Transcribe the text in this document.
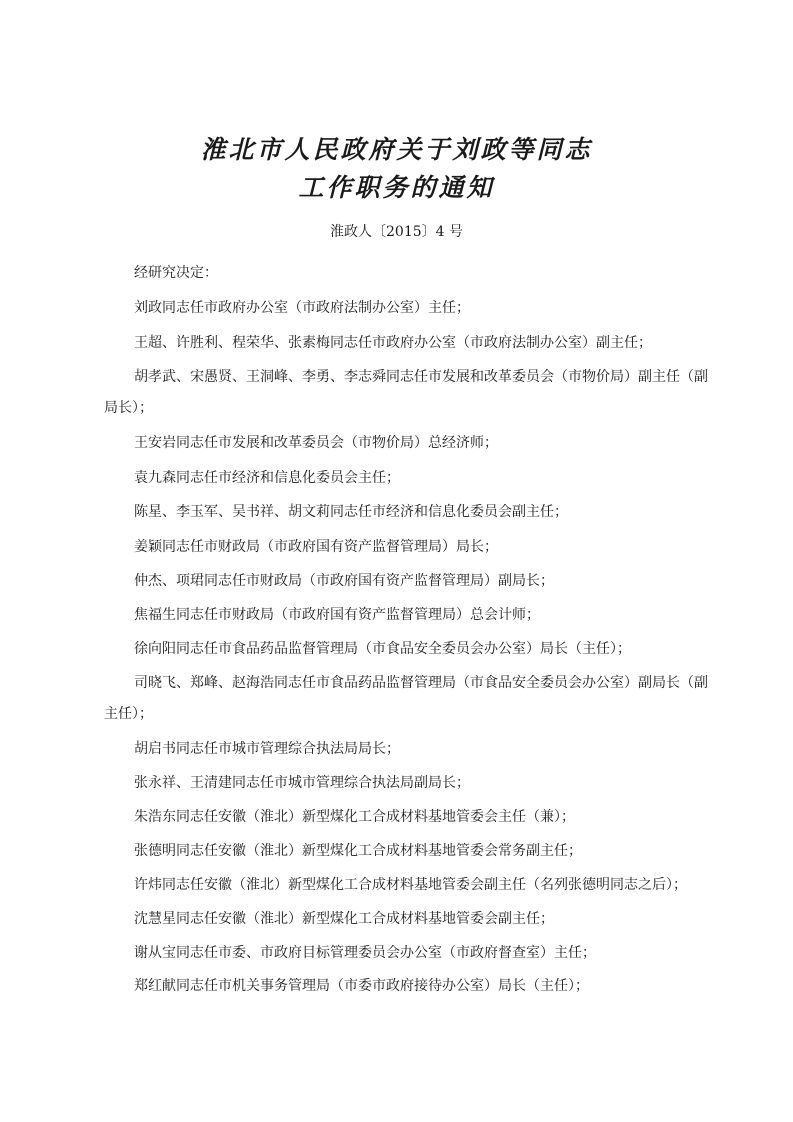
淮北市人民政府关于刘政等同志
工作职务的通知
淮政人〔2015〕4 号
经研究决定：
刘政同志任市政府办公室（市政府法制办公室）主任；
王超、许胜利、程荣华、张素梅同志任市政府办公室（市政府法制办公室）副主任；
胡孝武、宋愚贤、王洞峰、李勇、李志舜同志任市发展和改革委员会（市物价局）副主任（副
局长）；
王安岩同志任市发展和改革委员会（市物价局）总经济师；
袁九森同志任市经济和信息化委员会主任；
陈星、李玉军、吴书祥、胡文莉同志任市经济和信息化委员会副主任；
姜颖同志任市财政局（市政府国有资产监督管理局）局长；
仲杰、项珺同志任市财政局（市政府国有资产监督管理局）副局长；
焦福生同志任市财政局（市政府国有资产监督管理局）总会计师；
徐向阳同志任市食品药品监督管理局（市食品安全委员会办公室）局长（主任）；
司晓飞、郑峰、赵海浩同志任市食品药品监督管理局（市食品安全委员会办公室）副局长（副
主任）；
胡启书同志任市城市管理综合执法局局长；
张永祥、王清建同志任市城市管理综合执法局副局长；
朱浩东同志任安徽（淮北）新型煤化工合成材料基地管委会主任（兼）；
张德明同志任安徽（淮北）新型煤化工合成材料基地管委会常务副主任；
许炜同志任安徽（淮北）新型煤化工合成材料基地管委会副主任（名列张德明同志之后）；
沈慧星同志任安徽（淮北）新型煤化工合成材料基地管委会副主任；
谢从宝同志任市委、市政府目标管理委员会办公室（市政府督查室）主任；
郑红献同志任市机关事务管理局（市委市政府接待办公室）局长（主任）；
